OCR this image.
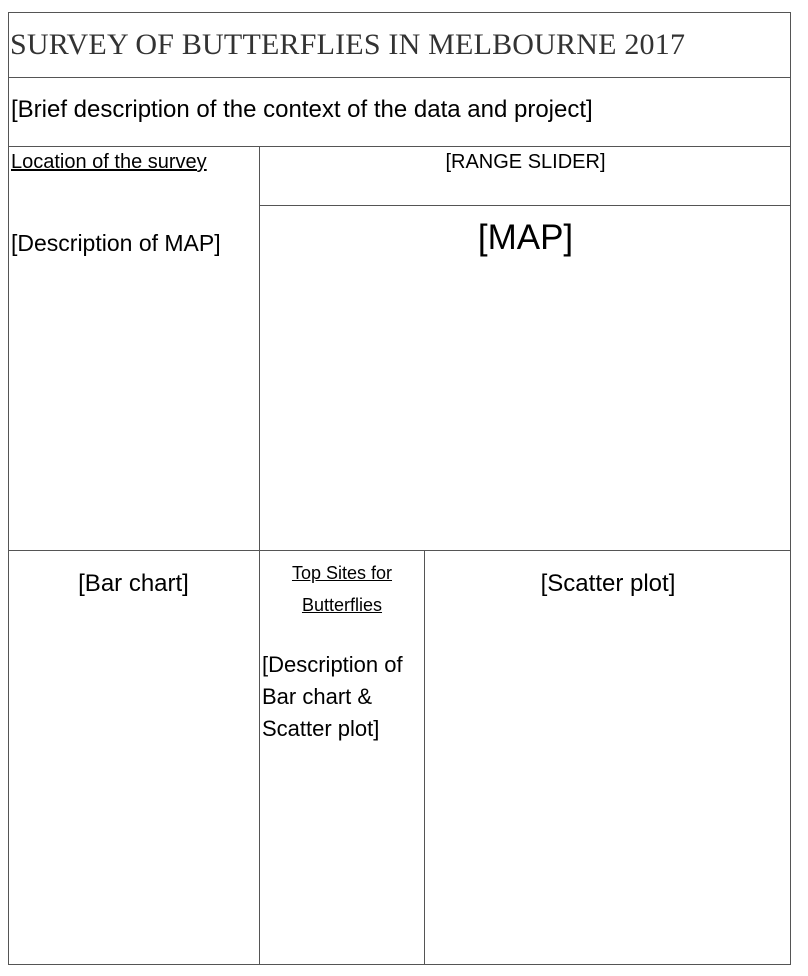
SURVEY OF BUTTERFLIES IN MELBOURNE 2017
[Brief description of the context of the data and project]
Location of the survey
[Description of MAP]
[RANGE SLIDER]
[MAP]
[Bar chart]	Top Sites for Butterflies
[Description of Bar chart & Scatter plot]
[Scatter plot]
